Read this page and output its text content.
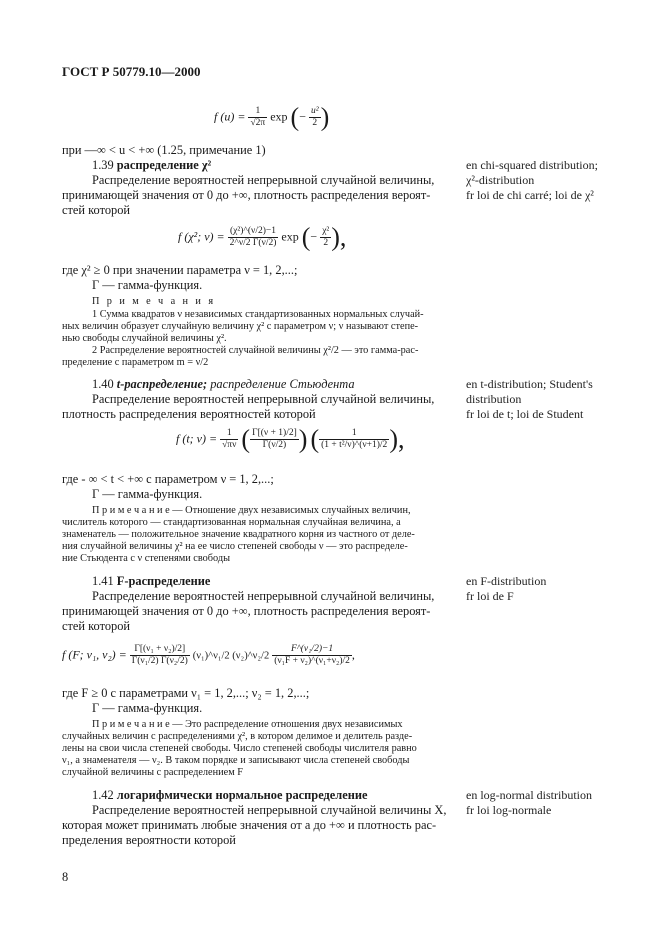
ГОСТ Р 50779.10—2000
f $(u) = \frac{1}{√2\pi}$ exp (− $\frac{\text{u²}}{2}$ )
при —∞ < u < +∞ (1.25, примечание 1)
1.39 распределение χ²
Распределение вероятностей непрерывной случайной величины,
принимающей значения от 0 до +∞, плотность распределения вероят-
стей которой
en chi-squared distribution;
χ²-distribution
fr loi de chi carré; loi de χ²
f (χ²; $\nu) = \frac{\text{(χ²)\textasciicircum{}(ν/2)−1}}{2\^{}\nu/2 \Gamma(\nu/2)}$ exp (− $\frac{\text{χ²}}{2}$ ),
где χ² ≥ 0 при значении параметра ν = 1, 2,...;
Γ — гамма-функция.
П р и м е ч а н и я
1 Сумма квадратов ν независимых стандартизованных нормальных случай-
ных величин образует случайную величину χ² с параметром ν; ν называют степе-
нью свободы случайной величины χ².
2 Распределение вероятностей случайной величины χ²/2 — это гамма-рас-
пределение с параметром m = ν/2
1.40 t-распределение; распределение Стьюдента
Распределение вероятностей непрерывной случайной величины,
плотность распределения вероятностей которой
en t-distribution; Student's
distribution
fr loi de t; loi de Student
f (t; $\nu) = \frac{1}{√\pi\nu}$ ( $\frac{\Gamma[(\nu + 1)/2]}{\Gamma(\nu/2)}$ ) ( $\frac{1}{\text{(1 + t²/ν)\textasciicircum{}(ν+1)/2}}$ ),
где - ∞ < t < +∞ с параметром ν = 1, 2,...;
Γ — гамма-функция.
П р и м е ч а н и е — Отношение двух независимых случайных величин,
числитель которого — стандартизованная нормальная случайная величина, а
знаменатель — положительное значение квадратного корня из частного от деле-
ния случайной величины χ² на ее число степеней свободы ν — это распределе-
ние Стьюдента с ν степенями свободы
1.41 F-распределение
Распределение вероятностей непрерывной случайной величины,
принимающей значения от 0 до +∞, плотность распределения вероят-
стей которой
en F-distribution
fr loi de F
f (F; ν₁, $\nu_2) = \frac{\text{Γ[(ν₁ + ν₂)/2]}}{\text{Γ(ν₁/2) Γ(ν₂/2)}}$ (ν₁)^ν₁/2 (ν₂)^ν₂/2 $\frac{\text{F\textasciicircum{}(ν₁/2)−1}}{\text{(ν₁F + ν₂)\textasciicircum{}(ν₁+ν₂)/2}}$ ,
где F ≥ 0 с параметрами ν₁ = 1, 2,...; ν₂ = 1, 2,...;
Γ — гамма-функция.
П р и м е ч а н и е — Это распределение отношения двух независимых
случайных величин с распределениями χ², в котором делимое и делитель разде-
лены на свои числа степеней свободы. Число степеней свободы числителя равно
ν₁, а знаменателя — ν₂. В таком порядке и записывают числа степеней свободы
случайной величины с распределением F
1.42 логарифмически нормальное распределение
Распределение вероятностей непрерывной случайной величины X,
которая может принимать любые значения от a до +∞ и плотность рас-
пределения вероятности которой
en log-normal distribution
fr loi log-normale
8
